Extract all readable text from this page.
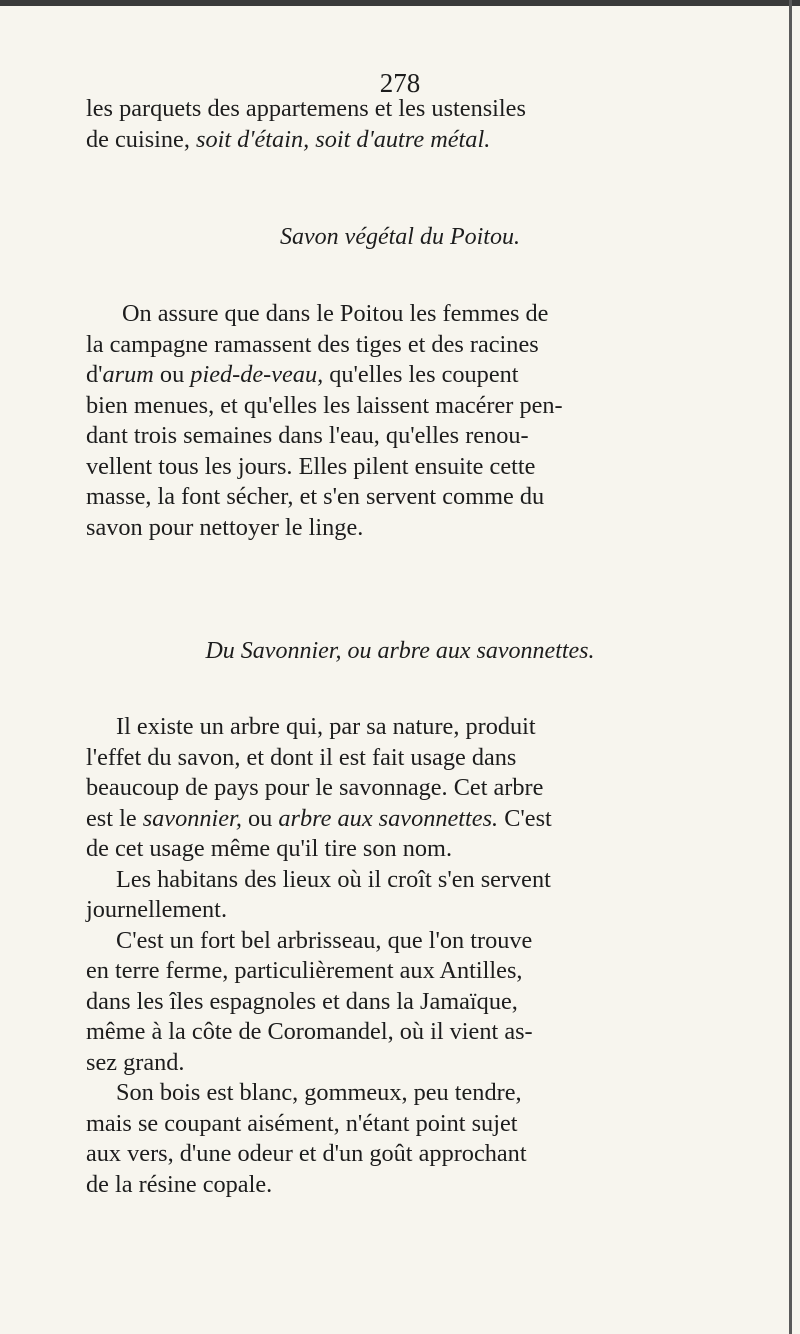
278
les parquets des appartemens et les ustensiles
de cuisine, soit d'étain, soit d'autre métal.
Savon végétal du Poitou.
On assure que dans le Poitou les femmes de
la campagne ramassent des tiges et des racines
d'arum ou pied-de-veau, qu'elles les coupent
bien menues, et qu'elles les laissent macérer pen-
dant trois semaines dans l'eau, qu'elles renou-
vellent tous les jours. Elles pilent ensuite cette
masse, la font sécher, et s'en servent comme du
savon pour nettoyer le linge.
Du Savonnier, ou arbre aux savonnettes.
Il existe un arbre qui, par sa nature, produit
l'effet du savon, et dont il est fait usage dans
beaucoup de pays pour le savonnage. Cet arbre
est le savonnier, ou arbre aux savonnettes. C'est
de cet usage même qu'il tire son nom.
Les habitans des lieux où il croît s'en servent
journellement.
C'est un fort bel arbrisseau, que l'on trouve
en terre ferme, particulièrement aux Antilles,
dans les îles espagnoles et dans la Jamaïque,
même à la côte de Coromandel, où il vient as-
sez grand.
Son bois est blanc, gommeux, peu tendre,
mais se coupant aisément, n'étant point sujet
aux vers, d'une odeur et d'un goût approchant
de la résine copale.
